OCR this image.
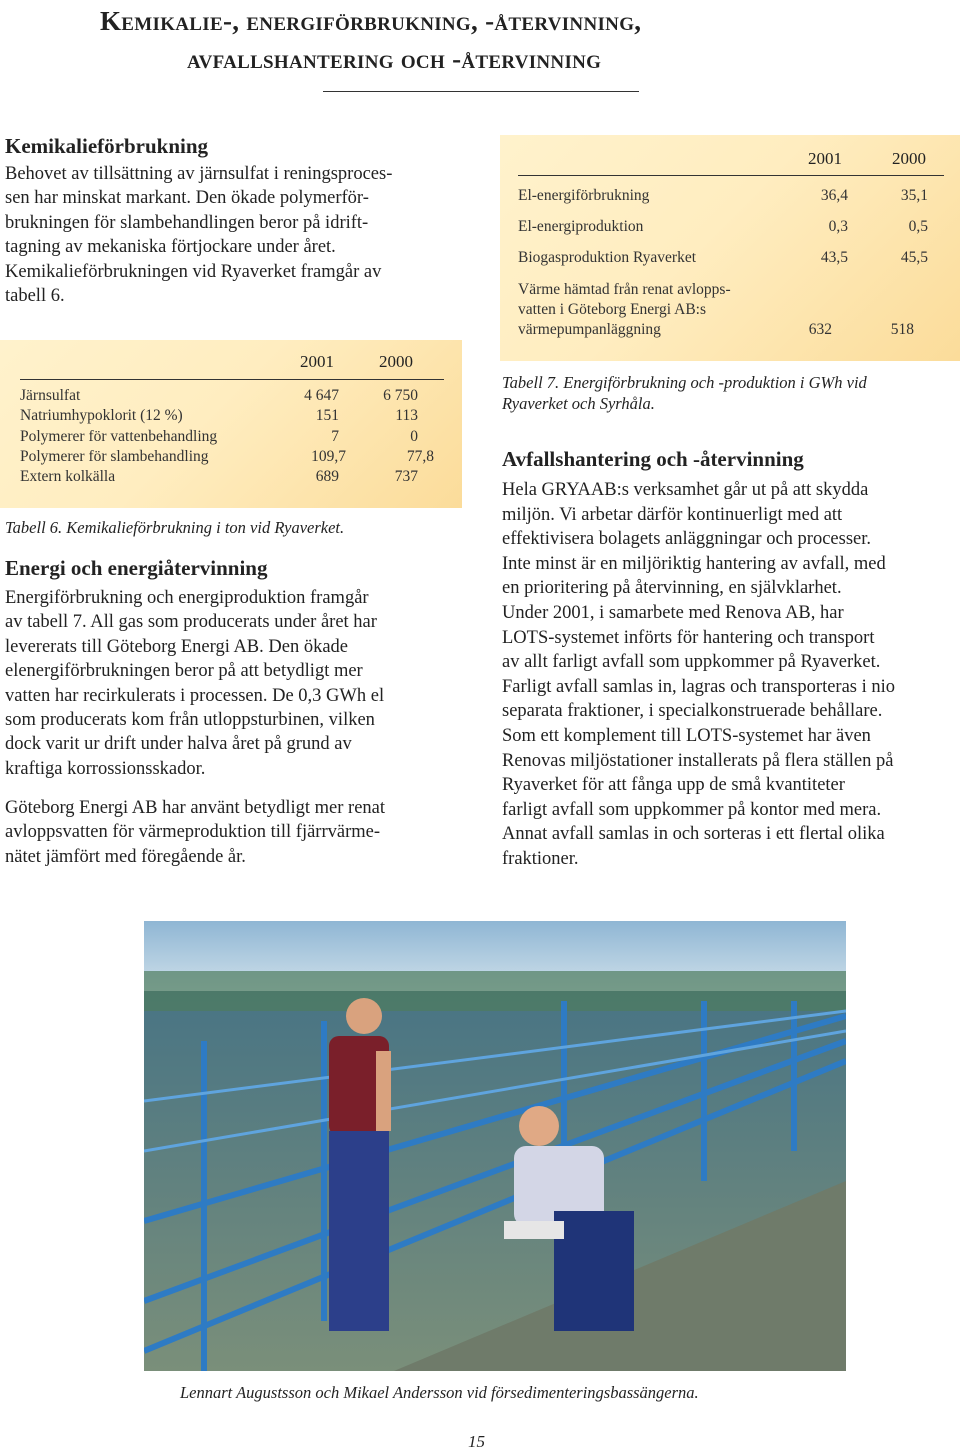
Kemikalie-, energiförbrukning, -återvinning,
avfallshantering och -återvinning
Kemikalieförbrukning
Behovet av tillsättning av järnsulfat i reningsproces-
sen har minskat markant. Den ökade polymerför-
brukningen för slambehandlingen beror på idrift-
tagning av mekaniska förtjockare under året.
Kemikalieförbrukningen vid Ryaverket framgår av
tabell 6.
2001	2000
Järnsulfat	4 647	6 750
Natriumhypoklorit (12 %)	151	113
Polymerer för vattenbehandling	7	0
Polymerer för slambehandling	109,7	77,8
Extern kolkälla	689	737
Tabell 6. Kemikalieförbrukning i ton vid Ryaverket.
Energi och energiåtervinning
Energiförbrukning och energiproduktion framgår
av tabell 7. All gas som producerats under året har
levererats till Göteborg Energi AB. Den ökade
elenergiförbrukningen beror på att betydligt mer
vatten har recirkulerats i processen. De 0,3 GWh el
som producerats kom från utloppsturbinen, vilken
dock varit ur drift under halva året på grund av
kraftiga korrossionsskador.
Göteborg Energi AB har använt betydligt mer renat
avloppsvatten för värmeproduktion till fjärrvärme-
nätet jämfört med föregående år.
2001	2000
El-energiförbrukning	36,4	35,1
El-energiproduktion	0,3	0,5
Biogasproduktion Ryaverket	43,5	45,5
Värme hämtad från renat avlopps-
vatten i Göteborg Energi AB:s
värmepumpanläggning	632	518
Tabell 7. Energiförbrukning och -produktion i GWh vid
Ryaverket och Syrhåla.
Avfallshantering och -återvinning
Hela GRYAAB:s verksamhet går ut på att skydda
miljön. Vi arbetar därför kontinuerligt med att
effektivisera bolagets anläggningar och processer.
Inte minst är en miljöriktig hantering av avfall, med
en prioritering på återvinning, en självklarhet.
Under 2001, i samarbete med Renova AB, har
LOTS-systemet införts för hantering och transport
av allt farligt avfall som uppkommer på Ryaverket.
Farligt avfall samlas in, lagras och transporteras i nio
separata fraktioner, i specialkonstruerade behållare.
Som ett komplement till LOTS-systemet har även
Renovas miljöstationer installerats på flera ställen på
Ryaverket för att fånga upp de små kvantiteter
farligt avfall som uppkommer på kontor med mera.
Annat avfall samlas in och sorteras i ett flertal olika
fraktioner.
Lennart Augustsson och Mikael Andersson vid försedimenteringsbassängerna.
15
